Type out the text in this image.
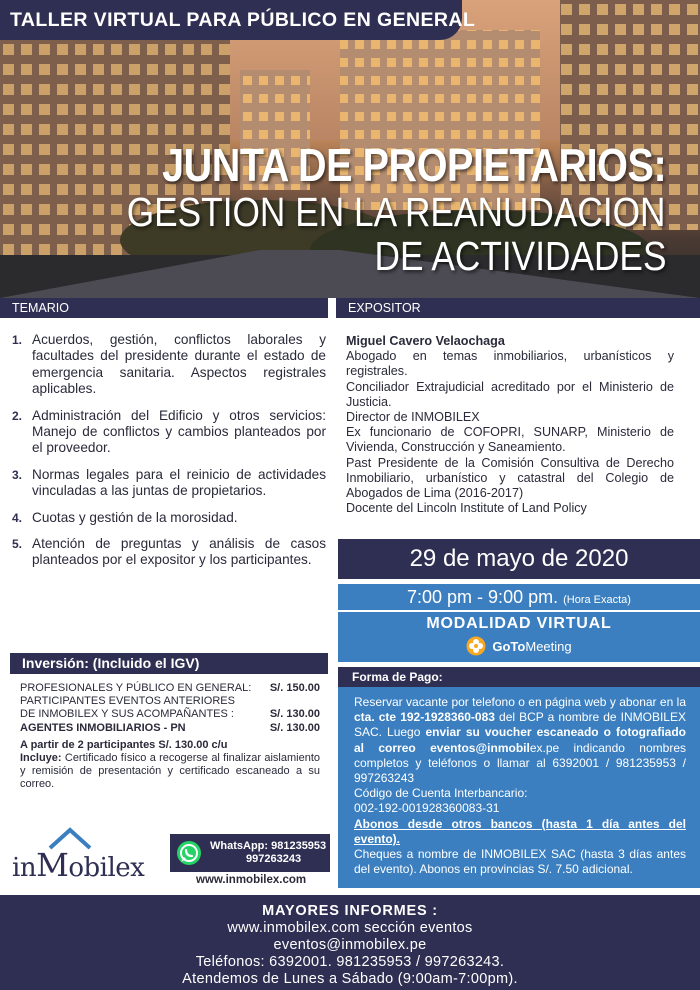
TALLER VIRTUAL PARA PÚBLICO EN GENERAL
JUNTA DE PROPIETARIOS:
GESTION EN LA REANUDACION
DE ACTIVIDADES
TEMARIO	EXPOSITOR
1. Acuerdos, gestión, conflictos laborales y facultades del presidente durante el estado de emergencia sanitaria. Aspectos registrales aplicables.
2. Administración del Edificio y otros servicios: Manejo de conflictos y cambios planteados por el proveedor.
3. Normas legales para el reinicio de actividades vinculadas a las juntas de propietarios.
4. Cuotas y gestión de la morosidad.
5. Atención de preguntas y análisis de casos planteados por el expositor y los participantes.
Miguel Cavero Velaochaga
Abogado en temas inmobiliarios, urbanísticos y registrales.
Conciliador Extrajudicial acreditado por el Ministerio de Justicia.
Director de INMOBILEX
Ex funcionario de COFOPRI, SUNARP, Ministerio de Vivienda, Construcción y Saneamiento.
Past Presidente de la Comisión Consultiva de Derecho Inmobiliario, urbanístico y catastral del Colegio de Abogados de Lima (2016-2017)
Docente del Lincoln Institute of Land Policy
29 de mayo de 2020
7:00 pm - 9:00 pm. (Hora Exacta)
MODALIDAD VIRTUAL
GoToMeeting
Forma de Pago:
Reservar vacante por telefono o en página web y abonar en la cta. cte 192-1928360-083 del BCP a nombre de INMOBILEX SAC. Luego enviar su voucher escaneado o fotografiado al correo eventos@inmobilex.pe indicando nombres completos y teléfonos o llamar al 6392001 / 981235953 / 997263243
Código de Cuenta Interbancario:
002-192-001928360083-31
Abonos desde otros bancos (hasta 1 día antes del evento).
Cheques a nombre de INMOBILEX SAC (hasta 3 días antes del evento). Abonos en provincias S/. 7.50 adicional.
Inversión: (Incluido el IGV)
PROFESIONALES Y PÚBLICO EN GENERAL:	S/. 150.00
PARTICIPANTES EVENTOS ANTERIORES DE INMOBILEX Y SUS ACOMPAÑANTES :	S/. 130.00
AGENTES INMOBILIARIOS - PN	S/. 130.00
A partir de 2 participantes S/. 130.00 c/u
Incluye: Certificado físico a recogerse al finalizar aislamiento y remisión de presentación y certificado escaneado a su correo.
inMobilex
WhatsApp: 981235953
997263243
www.inmobilex.com
MAYORES INFORMES :
www.inmobilex.com sección eventos
eventos@inmobilex.pe
Teléfonos: 6392001. 981235953 / 997263243.
Atendemos de Lunes a Sábado (9:00am-7:00pm).
